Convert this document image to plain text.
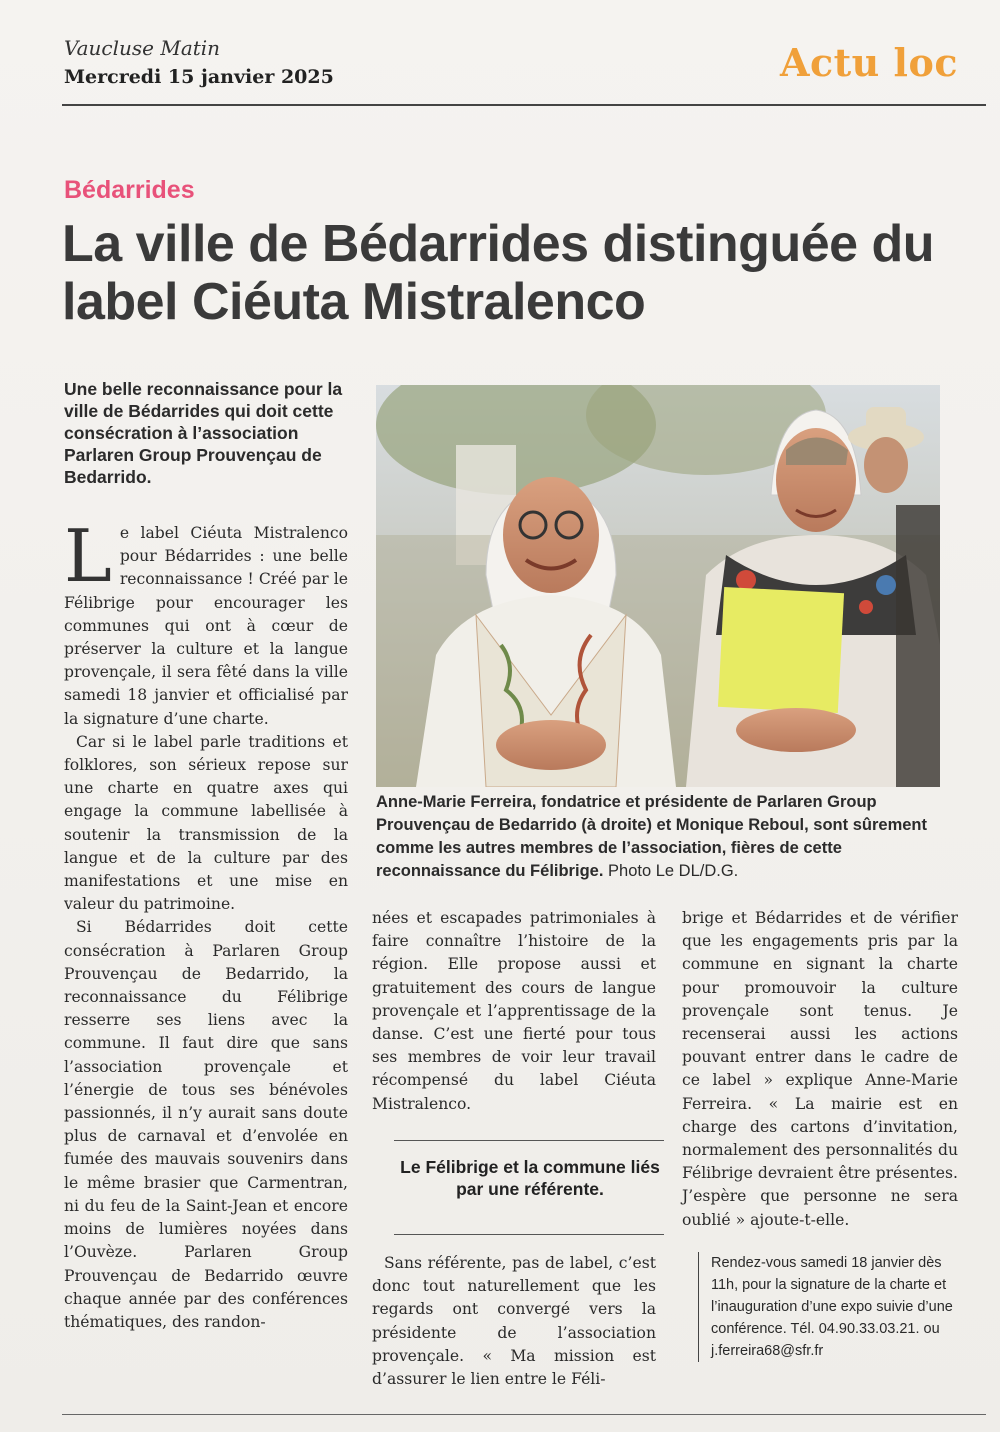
Vaucluse Matin
Mercredi 15 janvier 2025	Actu loc
Bédarrides
La ville de Bédarrides distinguée du label Ciéuta Mistralenco
Une belle reconnaissance pour la ville de Bédarrides qui doit cette consécration à l’association Parlaren Group Prouvençau de Bedarrido.
Anne-Marie Ferreira, fondatrice et présidente de Parlaren Group Prouvençau de Bedarrido (à droite) et Monique Reboul, sont sûrement comme les autres membres de l’association, fières de cette reconnaissance du Félibrige. Photo Le DL/D.G.

Le label Ciéuta Mistralenco pour Bédarrides : une belle reconnaissance ! Créé par le Félibrige pour encourager les communes qui ont à cœur de préserver la culture et la langue provençale, il sera fêté dans la ville samedi 18 janvier et officialisé par la signature d’une charte.

Car si le label parle traditions et folklores, son sérieux repose sur une charte en quatre axes qui engage la commune labellisée à soutenir la transmission de la langue et de la culture par des manifestations et une mise en valeur du patrimoine.

Si Bédarrides doit cette consécration à Parlaren Group Prouvençau de Bedarrido, la reconnaissance du Félibrige resserre ses liens avec la commune. Il faut dire que sans l’association provençale et l’énergie de tous ses bénévoles passionnés, il n’y aurait sans doute plus de carnaval et d’envolée en fumée des mauvais souvenirs dans le même brasier que Carmentran, ni du feu de la Saint-Jean et encore moins de lumières noyées dans l’Ouvèze. Parlaren Group Prouvençau de Bedarrido œuvre chaque année par des conférences thématiques, des randon-

nées et escapades patrimoniales à faire connaître l’histoire de la région. Elle propose aussi et gratuitement des cours de langue provençale et l’apprentissage de la danse. C’est une fierté pour tous ses membres de voir leur travail récompensé du label Ciéuta Mistralenco.

Le Félibrige et la commune liés par une référente.

Sans référente, pas de label, c’est donc tout naturellement que les regards ont convergé vers la présidente de l’association provençale. « Ma mission est d’assurer le lien entre le Féli-

brige et Bédarrides et de vérifier que les engagements pris par la commune en signant la charte pour promouvoir la culture provençale sont tenus. Je recenserai aussi les actions pouvant entrer dans le cadre de ce label » explique Anne-Marie Ferreira. « La mairie est en charge des cartons d’invitation, normalement des personnalités du Félibrige devraient être présentes. J’espère que personne ne sera oublié » ajoute-t-elle.

Rendez-vous samedi 18 janvier dès 11h, pour la signature de la charte et l’inauguration d’une expo suivie d’une conférence. Tél. 04.90.33.03.21. ou j.ferreira68@sfr.fr
